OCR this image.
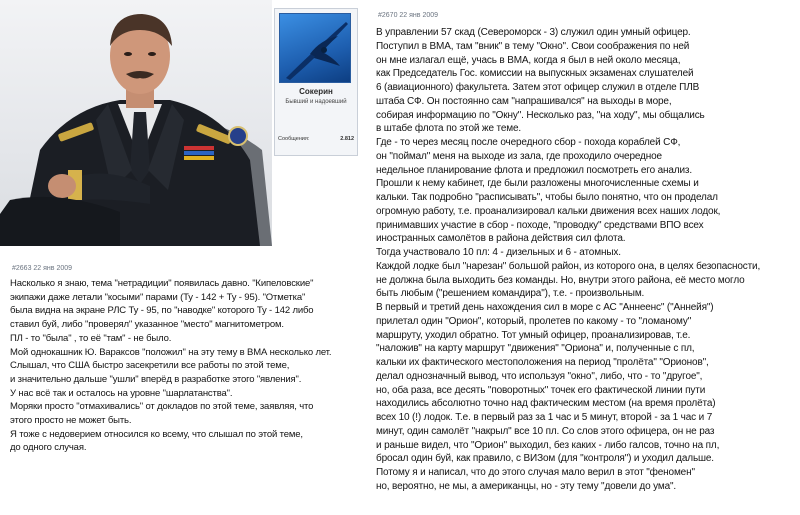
Сокерин
Бывший и надоевший
Сообщения:	2.812
#2670 22 янв 2009
В управлении 57 скад (Североморск - 3) служил один умный офицер.
Поступил в ВМА, там "вник" в тему "Окно". Свои соображения по ней
он мне излагал ещё, учась в ВМА, когда я был в ней около месяца,
как Председатель Гос. комиссии на выпускных экзаменах слушателей
6 (авиационного) факультета. Затем этот офицер служил в отделе ПЛВ
штаба СФ. Он постоянно сам "напрашивался" на выходы в море,
собирая информацию по "Окну". Несколько раз, "на ходу", мы общались
в штабе флота по этой же теме.
Где - то через месяц после очередного сбор - похода кораблей СФ,
он "поймал" меня на выходе из зала, где проходило очередное
недельное планирование флота и предложил посмотреть его анализ.
Прошли к нему кабинет, где были разложены многочисленные схемы и
кальки. Так подробно "расписывать", чтобы было понятно, что он проделал
огромную работу, т.е. проанализировал кальки движения всех наших лодок,
принимавших участие в сбор - походе, "проводку" средствами ВПО всех
иностранных самолётов в района действия сил флота.
Тогда участвовало 10 пл: 4 - дизельных и 6 - атомных.
Каждой лодке был "нарезан" большой район, из которого она, в целях безопасности,
не должна была выходить без команды. Но, внутри этого района, её место могло
быть любым ("решением командира"), т.е. - произвольным.
В первый и третий день нахождения сил в море с АС "Аннеенс" ("Аннейя")
прилетал один "Орион", который, пролетев по какому - то "ломаному"
маршруту, уходил обратно. Тот умный офицер, проанализировав, т.е.
"наложив" на карту маршрут "движения" "Ориона" и, полученные с пл,
кальки их фактического местоположения на период "пролёта" "Орионов",
делал однозначный вывод, что используя "окно", либо, что - то "другое",
но, оба раза, все десять "поворотных" точек его фактической линии пути
находились абсолютно точно над фактическим местом (на время пролёта)
всех 10 (!) лодок. Т.е. в первый раз за 1 час и 5 минут, второй - за 1 час и 7
минут, один самолёт "накрыл" все 10 пл. Со слов этого офицера, он не раз
и раньше видел, что "Орион" выходил, без каких - либо галсов, точно на пл,
бросал один буй, как правило, с ВИЗом (для "контроля") и уходил дальше.
Потому я и написал, что до этого случая мало верил в этот "феномен"
но, вероятно, не мы, а американцы, но - эту тему "довели до ума".
#2663 22 янв 2009
Насколько я знаю, тема "нетрадиции" появилась давно. "Кипеловские"
экипажи даже летали "косыми" парами (Ту - 142 + Ту - 95). "Отметка"
была видна на экране РЛС Ту - 95, по "наводке" которого Ту - 142 либо
ставил буй, либо "проверял" указанное "место" магнитометром.
ПЛ - то "была" , то её "там" - не было.
Мой однокашник Ю. Вараксов "положил" на эту тему в ВМА несколько лет.
Слышал, что США быстро засекретили все работы по этой теме,
и значительно дальше "ушли" вперёд в разработке этого "явления".
У нас всё так и осталось на уровне "шарлатанства".
Моряки просто "отмахивались" от докладов по этой теме, заявляя, что
этого просто не может быть.
Я тоже с недоверием относился ко всему, что слышал по этой теме,
до одного случая.
